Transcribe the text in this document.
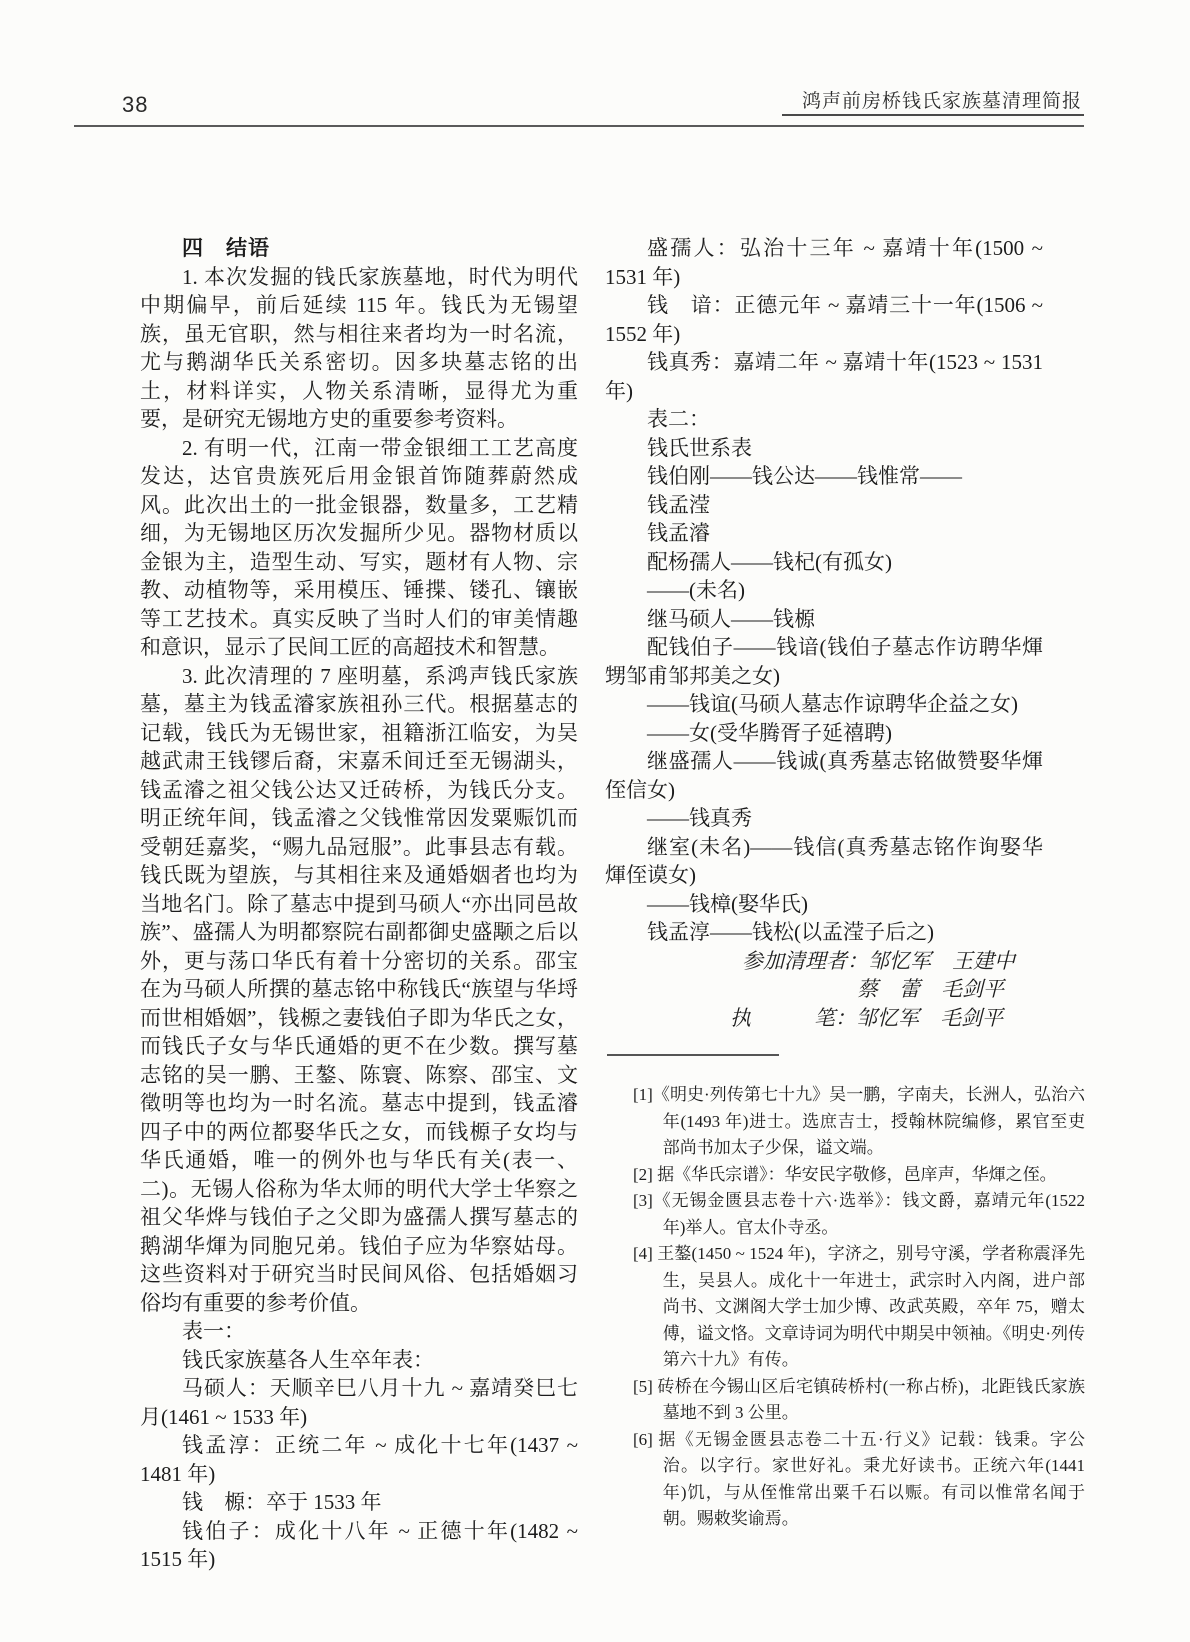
38	鸿声前房桥钱氏家族墓清理简报
四　结语

1. 本次发掘的钱氏家族墓地，时代为明代中期偏早，前后延续 115 年。钱氏为无锡望族，虽无官职，然与相往来者均为一时名流，尤与鹅湖华氏关系密切。因多块墓志铭的出土，材料详实，人物关系清晰，显得尤为重要，是研究无锡地方史的重要参考资料。

2. 有明一代，江南一带金银细工工艺高度发达，达官贵族死后用金银首饰随葬蔚然成风。此次出土的一批金银器，数量多，工艺精细，为无锡地区历次发掘所少见。器物材质以金银为主，造型生动、写实，题材有人物、宗教、动植物等，采用模压、锤揲、镂孔、镶嵌等工艺技术。真实反映了当时人们的审美情趣和意识，显示了民间工匠的高超技术和智慧。

3. 此次清理的 7 座明墓，系鸿声钱氏家族墓，墓主为钱孟濬家族祖孙三代。根据墓志的记载，钱氏为无锡世家，祖籍浙江临安，为吴越武肃王钱镠后裔，宋嘉禾间迁至无锡湖头，钱孟濬之祖父钱公达又迁砖桥，为钱氏分支。明正统年间，钱孟濬之父钱惟常因发粟赈饥而受朝廷嘉奖，“赐九品冠服”。此事县志有载。钱氏既为望族，与其相往来及通婚姻者也均为当地名门。除了墓志中提到马硕人“亦出同邑故族”、盛孺人为明都察院右副都御史盛颙之后以外，更与荡口华氏有着十分密切的关系。邵宝在为马硕人所撰的墓志铭中称钱氏“族望与华埒而世相婚姻”，钱榞之妻钱伯子即为华氏之女，而钱氏子女与华氏通婚的更不在少数。撰写墓志铭的吴一鹏、王鏊、陈寰、陈察、邵宝、文徵明等也均为一时名流。墓志中提到，钱孟濬四子中的两位都娶华氏之女，而钱榞子女均与华氏通婚，唯一的例外也与华氏有关(表一、二)。无锡人俗称为华太师的明代大学士华察之祖父华烨与钱伯子之父即为盛孺人撰写墓志的鹅湖华煇为同胞兄弟。钱伯子应为华察姑母。这些资料对于研究当时民间风俗、包括婚姻习俗均有重要的参考价值。

表一：

钱氏家族墓各人生卒年表：

马硕人：天顺辛巳八月十九 ~ 嘉靖癸巳七月(1461 ~ 1533 年)

钱孟淳：正统二年 ~ 成化十七年(1437 ~ 1481 年)

钱　榞：卒于 1533 年

钱伯子：成化十八年 ~ 正德十年(1482 ~ 1515 年)

盛孺人：弘治十三年 ~ 嘉靖十年(1500 ~ 1531 年)

钱　谙：正德元年 ~ 嘉靖三十一年(1506 ~ 1552 年)

钱真秀：嘉靖二年 ~ 嘉靖十年(1523 ~ 1531 年)

表二：

钱氏世系表

钱伯刚——钱公达——钱惟常——

钱孟滢

钱孟濬

配杨孺人——钱杞(有孤女)

——(未名)

继马硕人——钱榞

配钱伯子——钱谙(钱伯子墓志作访聘华煇甥邹甫邹邦美之女)

——钱谊(马硕人墓志作谅聘华企益之女)

——女(受华腾胥子延禧聘)

继盛孺人——钱诚(真秀墓志铭做赞娶华煇侄信女)

——钱真秀

继室(未名)——钱信(真秀墓志铭作询娶华煇侄谟女)

——钱樟(娶华氏)

钱孟淳——钱松(以孟滢子后之)

参加清理者：邹忆军　王建中

蔡　蕾　毛剑平

执　　　笔：邹忆军　毛剑平

[1]《明史·列传第七十九》吴一鹏，字南夫，长洲人，弘治六年(1493 年)进士。选庶吉士，授翰林院编修，累官至吏部尚书加太子少保，谥文端。

[2] 据《华氏宗谱》：华安民字敬修，邑庠声，华煇之侄。

[3]《无锡金匮县志卷十六·选举》：钱文爵，嘉靖元年(1522 年)举人。官太仆寺丞。

[4] 王鏊(1450 ~ 1524 年)，字济之，别号守溪，学者称震泽先生，吴县人。成化十一年进士，武宗时入内阁，进户部尚书、文渊阁大学士加少博、改武英殿，卒年 75，赠太傅，谥文恪。文章诗词为明代中期吴中领袖。《明史·列传第六十九》有传。

[5] 砖桥在今锡山区后宅镇砖桥村(一称占桥)，北距钱氏家族墓地不到 3 公里。

[6] 据《无锡金匮县志卷二十五·行义》记载：钱秉。字公治。以字行。家世好礼。秉尤好读书。正统六年(1441 年)饥，与从侄惟常出粟千石以赈。有司以惟常名闻于朝。赐敕奖谕焉。
